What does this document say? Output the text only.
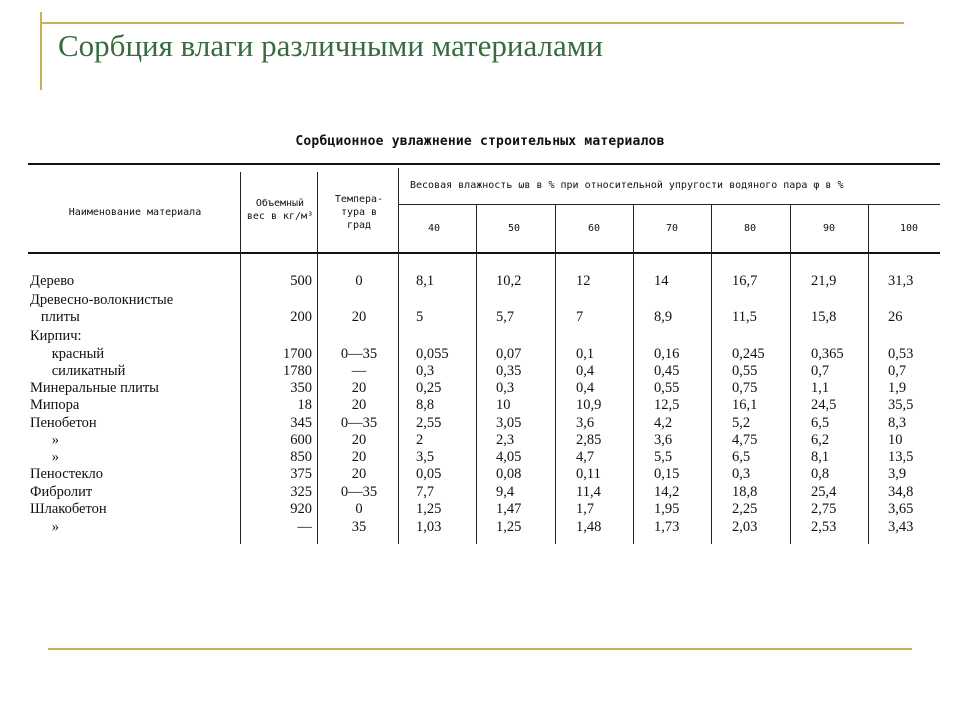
Сорбция влаги различными материалами
Сорбционное увлажнение строительных материалов
Наименование материала
Объемный
вес в кг/м³
Темпера-
тура в
град
Весовая влажность ωв в % при относительной упругости водяного пара φ в %
40	50	60	70	80	90	100
Дерево	500	0	8,1	10,2	12	14	16,7	21,9	31,3
Древесно-волокнистые
плиты	200	20	5	5,7	7	8,9	11,5	15,8	26
Кирпич:
красный	1700	0—35	0,055	0,07	0,1	0,16	0,245	0,365	0,53
силикатный	1780	—	0,3	0,35	0,4	0,45	0,55	0,7	0,7
Минеральные плиты	350	20	0,25	0,3	0,4	0,55	0,75	1,1	1,9
Мипора	18	20	8,8	10	10,9	12,5	16,1	24,5	35,5
Пенобетон	345	0—35	2,55	3,05	3,6	4,2	5,2	6,5	8,3
»	600	20	2	2,3	2,85	3,6	4,75	6,2	10
»	850	20	3,5	4,05	4,7	5,5	6,5	8,1	13,5
Пеностекло	375	20	0,05	0,08	0,11	0,15	0,3	0,8	3,9
Фибролит	325	0—35	7,7	9,4	11,4	14,2	18,8	25,4	34,8
Шлакобетон	920	0	1,25	1,47	1,7	1,95	2,25	2,75	3,65
»	—	35	1,03	1,25	1,48	1,73	2,03	2,53	3,43
